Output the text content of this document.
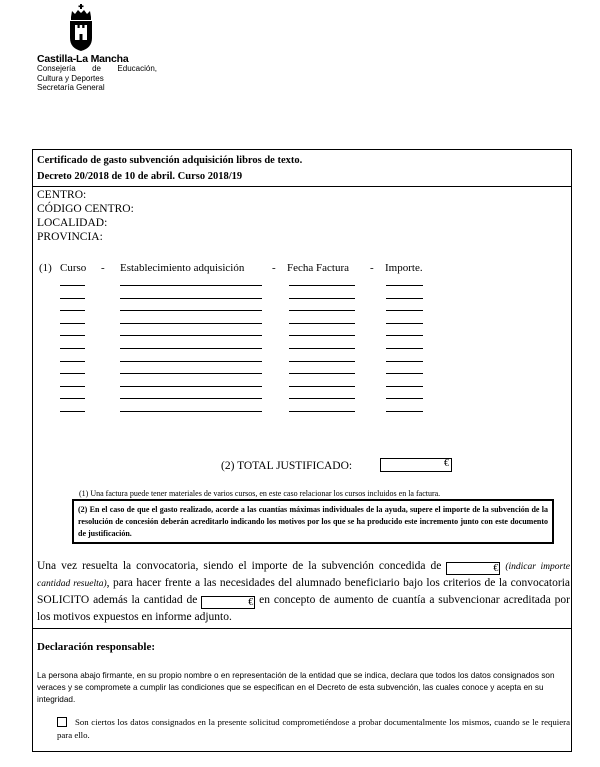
Castilla-La Mancha
Consejería de Educación,
Cultura y Deportes
Secretaría General
Certificado de gasto subvención adquisición libros de texto.
Decreto 20/2018 de 10 de abril. Curso 2018/19
CENTRO:
CÓDIGO CENTRO:
LOCALIDAD:
PROVINCIA:
(1) Curso - Establecimiento adquisición	- Fecha Factura - Importe.
(2) TOTAL JUSTIFICADO:	€
(1) Una factura puede tener materiales de varios cursos, en este caso relacionar los cursos incluidos en la factura.
(2) En el caso de que el gasto realizado, acorde a las cuantías máximas individuales de la ayuda, supere el importe de la subvención de la resolución de concesión deberán acreditarlo indicando los motivos por los que se ha producido este incremento junto con este documento de justificación.
Una vez resuelta la convocatoria, siendo el importe de la subvención concedida de	€ (indicar importe cantidad resuelta), para hacer frente a las necesidades del alumnado beneficiario bajo los criterios de la convocatoria SOLICITO además la cantidad de	€ en concepto de aumento de cuantía a subvencionar acreditada por los motivos expuestos en informe adjunto.
Declaración responsable:
La persona abajo firmante, en su propio nombre o en representación de la entidad que se indica, declara que todos los datos consignados son veraces y se compromete a cumplir las condiciones que se especifican en el Decreto de esta subvención, las cuales conoce y acepta en su integridad.
Son ciertos los datos consignados en la presente solicitud comprometiéndose a probar documentalmente los mismos, cuando se le requiera para ello.
